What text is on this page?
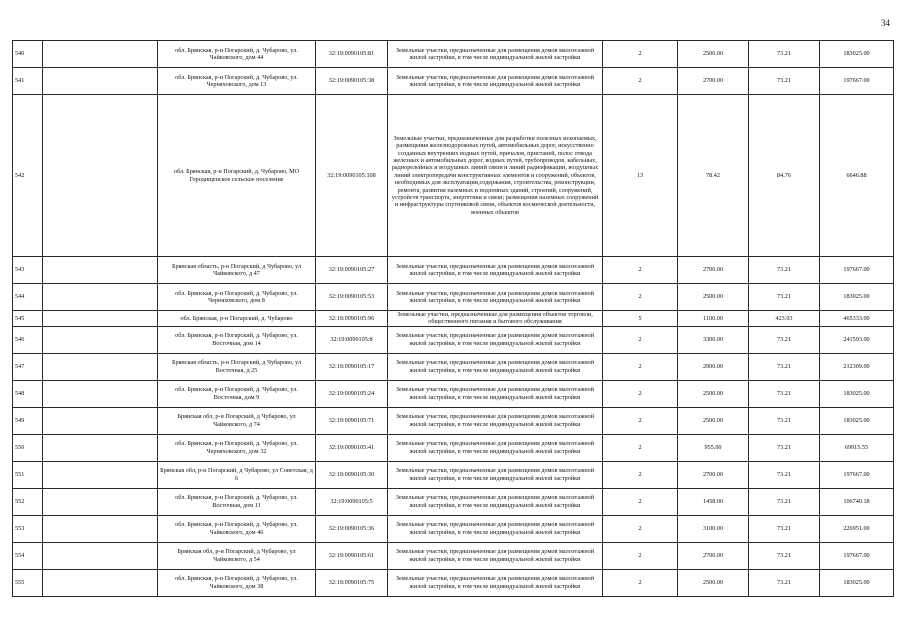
34
540		обл. Брянская, р-н Погарский, д. Чубарово, ул. Чайковского, дом 44	32:19:0090105:81	Земельные участки, предназначенные для размещения домов малоэтажной жилой застройки, в том числе индивидуальной жилой застройки	2	2500.00	73.21	183025.00
541		обл. Брянская, р-н Погарский, д. Чубарово, ул. Черняховского, дом 13	32:19:0090105:38	Земельные участки, предназначенные для размещения домов малоэтажной жилой застройки, в том числе индивидуальной жилой застройки	2	2700.00	73.21	197667.00
542		обл. Брянская, р-н Погарский, д. Чубарово, МО Городищенское сельское поселение	32:19:0090105:108	Земельные участки, предназначенные для разработки полезных ископаемых, размещения железнодорожных путей, автомобильных дорог, искусственно созданных внутренних водных путей, причалов, пристаней, полос отвода железных и автомобильных дорог, водных путей, трубопроводов, кабельных, радиорелейных и воздушных линий связи и линий радиофикации, воздушных линий электропередачи конструктивных элементов и сооружений, объектов, необходимых для эксплуатации,содержания, строительства, реконструкции, ремонта, развития наземных и подземных зданий, строений, сооружений, устройств транспорта, энергетики и связи; размещения наземных сооружений и инфраструктуры спутниковой связи, объектов космической деятельности, военных объектов	13	78.42	84.76	6646.88
543		Брянская область, р-н Погарский, д Чубарово, ул Чайковского, д 47	32:19:0090105:27	Земельные участки, предназначенные для размещения домов малоэтажной жилой застройки, в том числе индивидуальной жилой застройки	2	2700.00	73.21	197667.00
544		обл. Брянская, р-н Погарский, д. Чубарово, ул. Черняховского, дом 8	32:19:0090105:53	Земельные участки, предназначенные для размещения домов малоэтажной жилой застройки, в том числе индивидуальной жилой застройки	2	2500.00	73.21	183025.00
545		обл. Брянская, р-н Погарский, д. Чубарово	32:19:0090105:96	Земельные участки, предназначенные для размещения объектов торговли, общественного питания и бытового обслуживания	5	1100.00	423.03	465333.00
546		обл. Брянская, р-н Погарский, д. Чубарово, ул. Восточная, дом 14	32:19:0090105:8	Земельные участки, предназначенные для размещения домов малоэтажной жилой застройки, в том числе индивидуальной жилой застройки	2	3300.00	73.21	241593.00
547		Брянская область, р-н Погарский, д Чубарово, ул Восточная, д 25	32:19:0090105:17	Земельные участки, предназначенные для размещения домов малоэтажной жилой застройки, в том числе индивидуальной жилой застройки	2	2900.00	73.21	212309.00
548		обл. Брянская, р-н Погарский, д. Чубарово, ул. Восточная, дом 9	32:19:0090105:24	Земельные участки, предназначенные для размещения домов малоэтажной жилой застройки, в том числе индивидуальной жилой застройки	2	2500.00	73.21	183025.00
549		Брянская обл, р-н Погарский, д Чубарово, ул Чайковского, д 74	32:19:0090105:71	Земельные участки, предназначенные для размещения домов малоэтажной жилой застройки, в том числе индивидуальной жилой застройки	2	2500.00	73.21	183025.00
550		обл. Брянская, р-н Погарский, д. Чубарово, ул. Черняховского, дом 32	32:19:0090105:41	Земельные участки, предназначенные для размещения домов малоэтажной жилой застройки, в том числе индивидуальной жилой застройки	2	955.00	73.21	69915.55
551		Брянская обл, р-н Погарский, д Чубарово, ул Советская, д 6	32:19:0090105:30	Земельные участки, предназначенные для размещения домов малоэтажной жилой застройки, в том числе индивидуальной жилой застройки	2	2700.00	73.21	197667.00
552		обл. Брянская, р-н Погарский, д. Чубарово, ул. Восточная, дом 11	32:19:0090105:5	Земельные участки, предназначенные для размещения домов малоэтажной жилой застройки, в том числе индивидуальной жилой застройки	2	1458.00	73.21	106740.18
553		обл. Брянская, р-н Погарский, д. Чубарово, ул. Чайковского, дом 46	32:19:0090105:36	Земельные участки, предназначенные для размещения домов малоэтажной жилой застройки, в том числе индивидуальной жилой застройки	2	3100.00	73.21	226951.00
554		Брянская обл, р-н Погарский, д Чубарово, ул Чайковского, д 54	32:19:0090105:61	Земельные участки, предназначенные для размещения домов малоэтажной жилой застройки, в том числе индивидуальной жилой застройки	2	2700.00	73.21	197667.00
555		обл. Брянская, р-н Погарский, д. Чубарово, ул. Чайковского, дом 38	32:19:0090105:75	Земельные участки, предназначенные для размещения домов малоэтажной жилой застройки, в том числе индивидуальной жилой застройки	2	2500.00	73.21	183025.00
